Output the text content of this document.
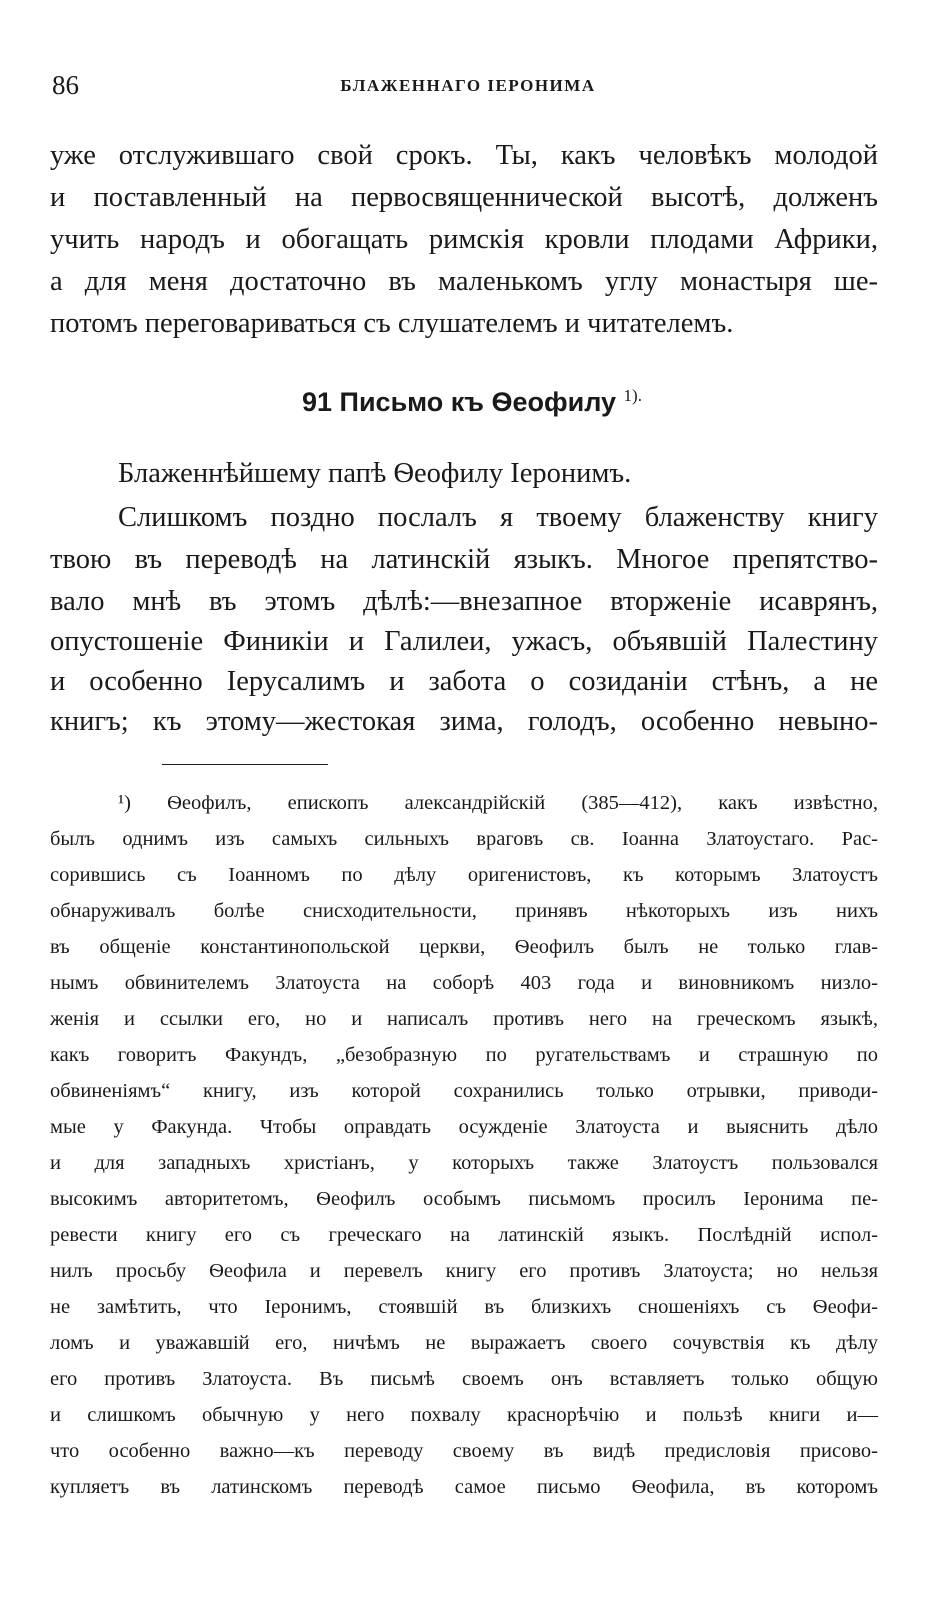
86	БЛАЖЕННАГО ІЕРОНИМА
уже отслужившаго свой срокъ. Ты, какъ человѣкъ молодой
и поставленный на первосвященнической высотѣ, долженъ
учить народъ и обогащать римскія кровли плодами Африки,
а для меня достаточно въ маленькомъ углу монастыря ше-
потомъ переговариваться съ слушателемъ и читателемъ.
91 Письмо къ Ѳеофилу $^{1).}$
Блаженнѣйшему папѣ Ѳеофилу Іеронимъ.
Слишкомъ поздно послалъ я твоему блаженству книгу
твою въ переводѣ на латинскій языкъ. Многое препятство-
вало мнѣ въ этомъ дѣлѣ:—внезапное вторженіе исаврянъ,
опустошеніе Финикіи и Галилеи, ужасъ, объявшій Палестину
и особенно Іерусалимъ и забота о созиданіи стѣнъ, а не
книгъ; къ этому—жестокая зима, голодъ, особенно невыно-
¹) Ѳеофилъ, епископъ александрійскій (385—412), какъ извѣстно,
былъ однимъ изъ самыхъ сильныхъ враговъ св. Іоанна Златоустаго. Рас-
сорившись съ Іоанномъ по дѣлу оригенистовъ, къ которымъ Златоустъ
обнаруживалъ болѣе снисходительности, принявъ нѣкоторыхъ изъ нихъ
въ общеніе константинопольской церкви, Ѳеофилъ былъ не только глав-
нымъ обвинителемъ Златоуста на соборѣ 403 года и виновникомъ низло-
женія и ссылки его, но и написалъ противъ него на греческомъ языкѣ,
какъ говоритъ Факундъ, „безобразную по ругательствамъ и страшную по
обвиненіямъ“ книгу, изъ которой сохранились только отрывки, приводи-
мые у Факунда. Чтобы оправдать осужденіе Златоуста и выяснить дѣло
и для западныхъ христіанъ, у которыхъ также Златоустъ пользовался
высокимъ авторитетомъ, Ѳеофилъ особымъ письмомъ просилъ Іеронима пе-
ревести книгу его съ греческаго на латинскій языкъ. Послѣдній испол-
нилъ просьбу Ѳеофила и перевелъ книгу его противъ Златоуста; но нельзя
не замѣтить, что Іеронимъ, стоявшій въ близкихъ сношеніяхъ съ Ѳеофи-
ломъ и уважавшій его, ничѣмъ не выражаетъ своего сочувствія къ дѣлу
его противъ Златоуста. Въ письмѣ своемъ онъ вставляетъ только общую
и слишкомъ обычную у него похвалу краснорѣчію и пользѣ книги и—
что особенно важно—къ переводу своему въ видѣ предисловія присово-
купляетъ въ латинскомъ переводѣ самое письмо Ѳеофила, въ которомъ
